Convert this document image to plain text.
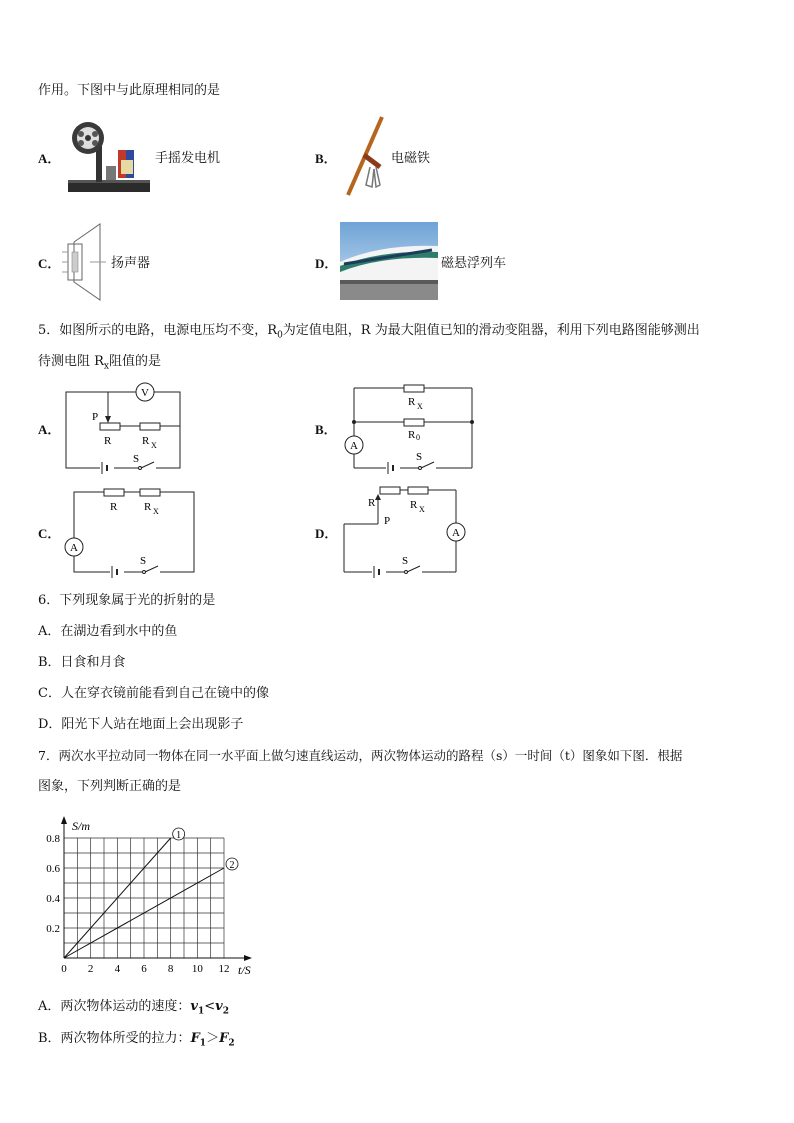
作用。下图中与此原理相同的是
A．	手摇发电机	B．	电磁铁
C．	扬声器	D．	磁悬浮列车
5．如图所示的电路，电源电压均不变，$R_0$为定值电阻，R 为最大阻值已知的滑动变阻器，利用下列电路图能够测出
待测电阻 $R_x$阻值的是
A．
V
P
R	R X
S
B．
A
R X
R 0
S
C．
A
R R X
S
D．	A
R
P
R X
S
6．下列现象属于光的折射的是
A．在湖边看到水中的鱼
B．日食和月食
C．人在穿衣镜前能看到自己在镜中的像
D．阳光下人站在地面上会出现影子
7．两次水平拉动同一物体在同一水平面上做匀速直线运动，两次物体运动的路程（s）一时间（t）图象如下图．根据
图象，下列判断正确的是
S/m
t/S
0 2 4 6 8 10 12
0.2
0.4
0.6
0.8	1
2
A．两次物体运动的速度：$v_1<v_2$
B．两次物体所受的拉力：$F_1>F_2$
